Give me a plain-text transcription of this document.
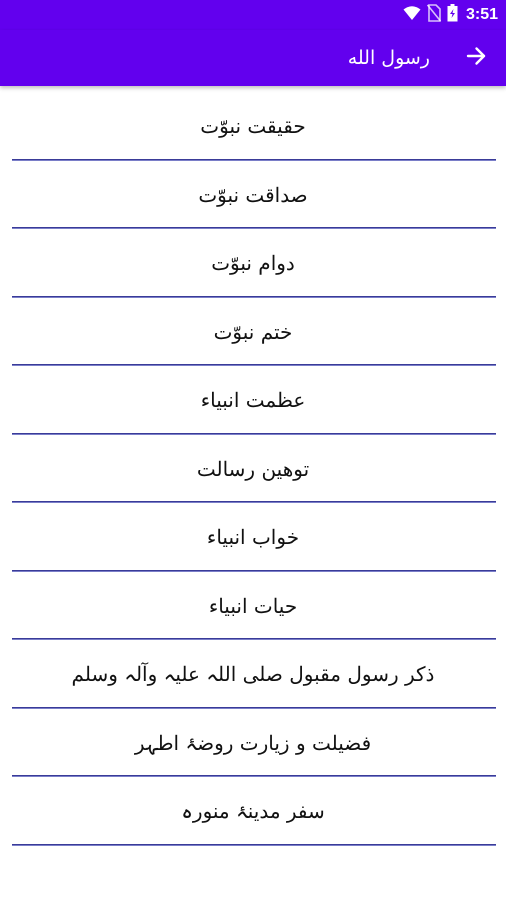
3:51
رسول الله
حقیقت نبوّت
صداقت نبوّت
دوام نبوّت
ختم نبوّت
عظمت انبیاء
توهین رسالت
خواب انبیاء
حیات انبیاء
ذکر رسول مقبول صلی اللہ علیہ وآلہ وسلم
فضیلت و زیارت روضۂ اطہر
سفر مدینۂ منورہ
